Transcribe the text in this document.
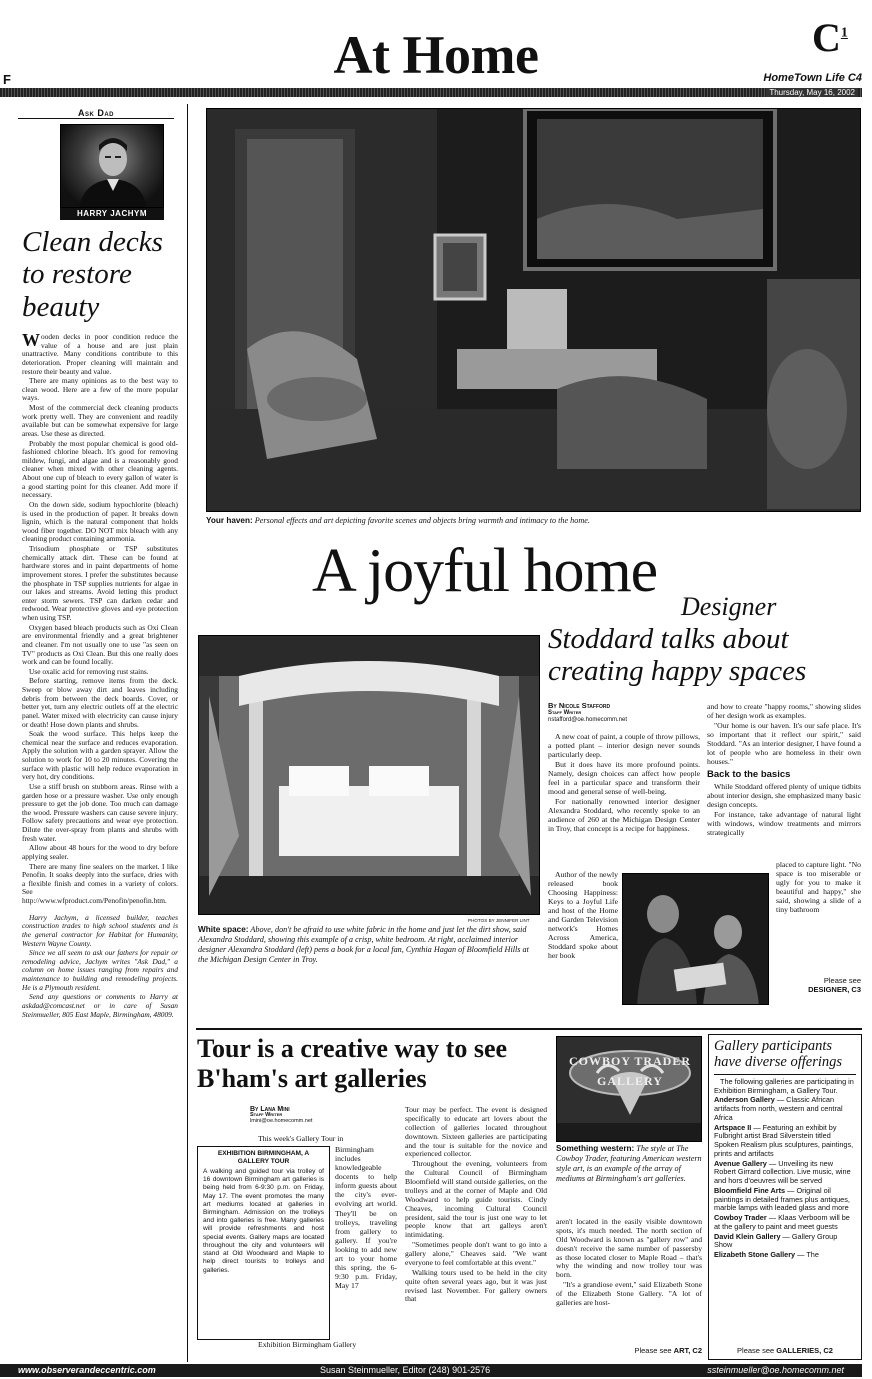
F	At Home	$C^1$
HomeTown Life C4
Thursday, May 16, 2002
Ask Dad
HARRY JACHYM
Clean decks to restore beauty

Wooden decks in poor condition reduce the value of a house and are just plain unattractive. Many conditions contribute to this deterioration. Proper cleaning will maintain and restore their beauty and value.

There are many opinions as to the best way to clean wood. Here are a few of the more popular ways.

Most of the commercial deck cleaning products work pretty well. They are convenient and readily available but can be somewhat expensive for large areas. Use these as directed.

Probably the most popular chemical is good old-fashioned chlorine bleach. It's good for removing mildew, fungi, and algae and is a reasonably good cleaner when mixed with other cleaning agents. About one cup of bleach to every gallon of water is a good starting point for this cleaner. Add more if necessary.

On the down side, sodium hypochlorite (bleach) is used in the production of paper. It breaks down lignin, which is the natural component that holds wood fiber together. DO NOT mix bleach with any cleaning product containing ammonia.

Trisodium phosphate or TSP substitutes chemically attack dirt. These can be found at hardware stores and in paint departments of home improvement stores. I prefer the substitutes because the phosphate in TSP supplies nutrients for algae in our lakes and streams. Avoid letting this product enter storm sewers. TSP can darken cedar and redwood. Wear protective gloves and eye protection when using TSP.

Oxygen based bleach products such as Oxi Clean are environmental friendly and a great brightener and cleaner. I'm not usually one to use "as seen on TV" products as Oxi Clean. But this one really does work and can be found locally.

Use oxalic acid for removing rust stains.

Before starting, remove items from the deck. Sweep or blow away dirt and leaves including debris from between the deck boards. Cover, or better yet, turn any electric outlets off at the electric panel. Water mixed with electricity can cause injury or death! Hose down plants and shrubs.

Soak the wood surface. This helps keep the chemical near the surface and reduces evaporation. Apply the solution with a garden sprayer. Allow the solution to work for 10 to 20 minutes. Covering the surface with plastic will help reduce evaporation in very hot, dry conditions.

Use a stiff brush on stubborn areas. Rinse with a garden hose or a pressure washer. Use only enough pressure to get the job done. Too much can damage the wood. Pressure washers can cause severe injury. Follow safety precautions and wear eye protection. Dilute the over-spray from plants and shrubs with fresh water.

Allow about 48 hours for the wood to dry before applying sealer.

There are many fine sealers on the market. I like Penofin. It soaks deeply into the surface, dries with a flexible finish and comes in a variety of colors. See http://www.wfproduct.com/Penofin/penofin.htm.

Harry Jachym, a licensed builder, teaches construction trades to high school students and is the general contractor for Habitat for Humanity, Western Wayne County.

Since we all seem to ask our fathers for repair or remodeling advice, Jachym writes "Ask Dad," a column on home issues ranging from repairs and maintenance to building and remodeling projects. He is a Plymouth resident.

Send any questions or comments to Harry at askdad@comcast.net or in care of Susan Steinmueller, 805 East Maple, Birmingham, 48009.

Your haven: Personal effects and art depicting favorite scenes and objects bring warmth and intimacy to the home.
A joyful home
Designer
Stoddard talks about creating happy spaces
PHOTOS BY JENNIFER LINT
White space: Above, don't be afraid to use white fabric in the home and just let the dirt show, said Alexandra Stoddard, showing this example of a crisp, white bedroom. At right, acclaimed interior designer Alexandra Stoddard (left) pens a book for a local fan, Cynthia Hagan of Bloomfield Hills at the Michigan Design Center in Troy.
By Nicole Stafford
Staff Writer
nstafford@oe.homecomm.net

A new coat of paint, a couple of throw pillows, a potted plant – interior design never sounds particularly deep.

But it does have its more profound points. Namely, design choices can affect how people feel in a particular space and transform their mood and general sense of well-being.

For nationally renowned interior designer Alexandra Stoddard, who recently spoke to an audience of 260 at the Michigan Design Center in Troy, that concept is a recipe for happiness.

Author of the newly released book Choosing Happiness: Keys to a Joyful Life and host of the Home and Garden Television network's Homes Across America, Stoddard spoke about her book

and how to create "happy rooms," showing slides of her design work as examples.

"Our home is our haven. It's our safe place. It's so important that it reflect our spirit," said Stoddard. "As an interior designer, I have found a lot of people who are homeless in their own houses."

Back to the basics

While Stoddard offered plenty of unique tidbits about interior design, she emphasized many basic design concepts.

For instance, take advantage of natural light with windows, window treatments and mirrors strategically

placed to capture light. "No space is too miserable or ugly for you to make it beautiful and happy," she said, showing a slide of a tiny bathroom
Please see
DESIGNER, C3
Tour is a creative way to see B'ham's art galleries
By Lana Mini
Staff Writer
lmini@oe.homecomm.net
This week's Gallery Tour in
EXHIBITION BIRMINGHAM, A GALLERY TOUR
A walking and guided tour via trolley of 16 downtown Birmingham art galleries is being held from 6-9:30 p.m. on Friday, May 17. The event promotes the many art mediums located at galleries in Birmingham. Admission on the trolleys and into galleries is free. Many galleries will provide refreshments and host special events. Gallery maps are located throughout the city and volunteers will stand at Old Woodward and Maple to help direct tourists to trolleys and galleries.
Birmingham includes knowledgeable docents to help inform guests about the city's ever-evolving art world. They'll be on trolleys, traveling from gallery to gallery. If you're looking to add new art to your home this spring, the 6-9:30 p.m. Friday, May 17
Exhibition Birmingham Gallery

Tour may be perfect. The event is designed specifically to educate art lovers about the collection of galleries located throughout downtown. Sixteen galleries are participating and the tour is suitable for the novice and experienced collector.

Throughout the evening, volunteers from the Cultural Council of Birmingham Bloomfield will stand outside galleries, on the trolleys and at the corner of Maple and Old Woodward to help guide tourists. Cindy Cheaves, incoming Cultural Council president, said the tour is just one way to let people know that art galleys aren't intimidating.

"Sometimes people don't want to go into a gallery alone," Cheaves said. "We want everyone to feel comfortable at this event."

Walking tours used to be held in the city quite often several years ago, but it was just revised last November. For gallery owners that

COWBOY TRADER GALLERY
Something western: The style at The Cowboy Trader, featuring American western style art, is an example of the array of mediums at Birmingham's art galleries.

aren't located in the easily visible downtown spots, it's much needed. The north section of Old Woodward is known as "gallery row" and doesn't receive the same number of passersby as those located closer to Maple Road – that's why the winding and now trolley tour was born.

"It's a grandiose event," said Elizabeth Stone of the Elizabeth Stone Gallery. "A lot of galleries are host-

Please see ART, C2
Gallery participants have diverse offerings
The following galleries are participating in Exhibition Birmingham, a Gallery Tour.
Anderson Gallery — Classic African artifacts from north, western and central Africa
Artspace II — Featuring an exhibit by Fulbright artist Brad Silverstein titled Spoken Realism plus sculptures, paintings, prints and artifacts
Avenue Gallery — Unveiling its new Robert Girrard collection. Live music, wine and hors d'oeuvres will be served
Bloomfield Fine Arts — Original oil paintings in detailed frames plus antiques, marble lamps with leaded glass and more
Cowboy Trader — Klaas Verboom will be at the gallery to paint and meet guests
David Klein Gallery — Gallery Group Show
Elizabeth Stone Gallery — The
Please see GALLERIES, C2
www.observerandeccentric.com	Susan Steinmueller, Editor (248) 901-2576	ssteinmueller@oe.homecomm.net
